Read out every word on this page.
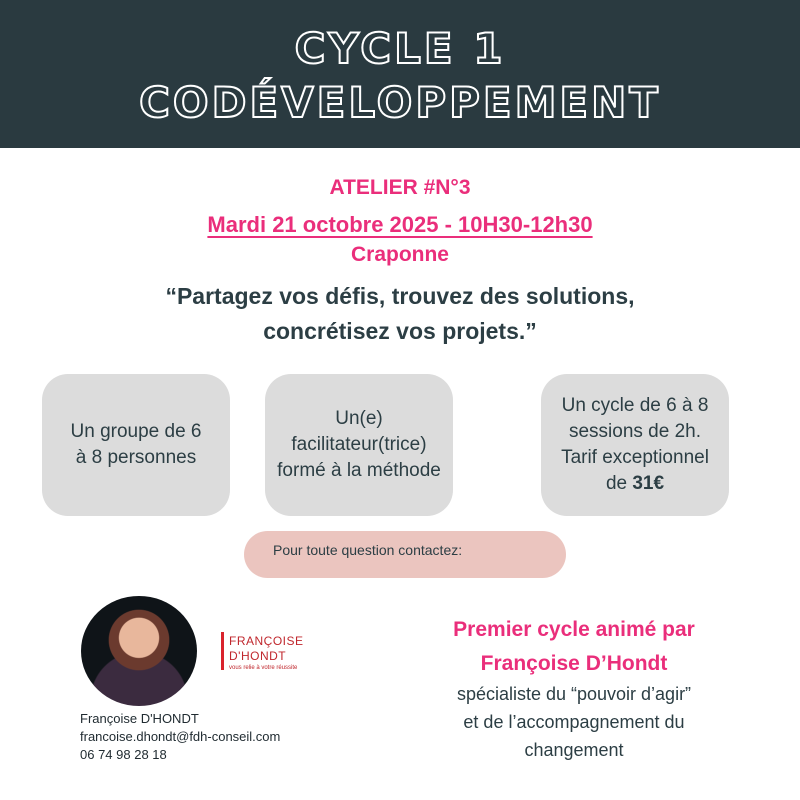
CYCLE 1
CODÉVELOPPEMENT
ATELIER #N°3
Mardi 21 octobre 2025 - 10H30-12h30
Craponne
“Partagez vos défis, trouvez des solutions,
concrétisez vos projets.”
Un groupe de 6
à 8 personnes
Un(e)
facilitateur(trice)
formé à la méthode
Un cycle de 6 à 8
sessions de 2h.
Tarif exceptionnel
de 31€
Pour toute question contactez:
FRANÇOISE
D'HONDT
vous relie à votre réussite
Françoise D'HONDT
francoise.dhondt@fdh-conseil.com
06 74 98 28 18
Premier cycle animé par
Françoise D’Hondt
spécialiste du “pouvoir d’agir”
et de l’accompagnement du
changement
